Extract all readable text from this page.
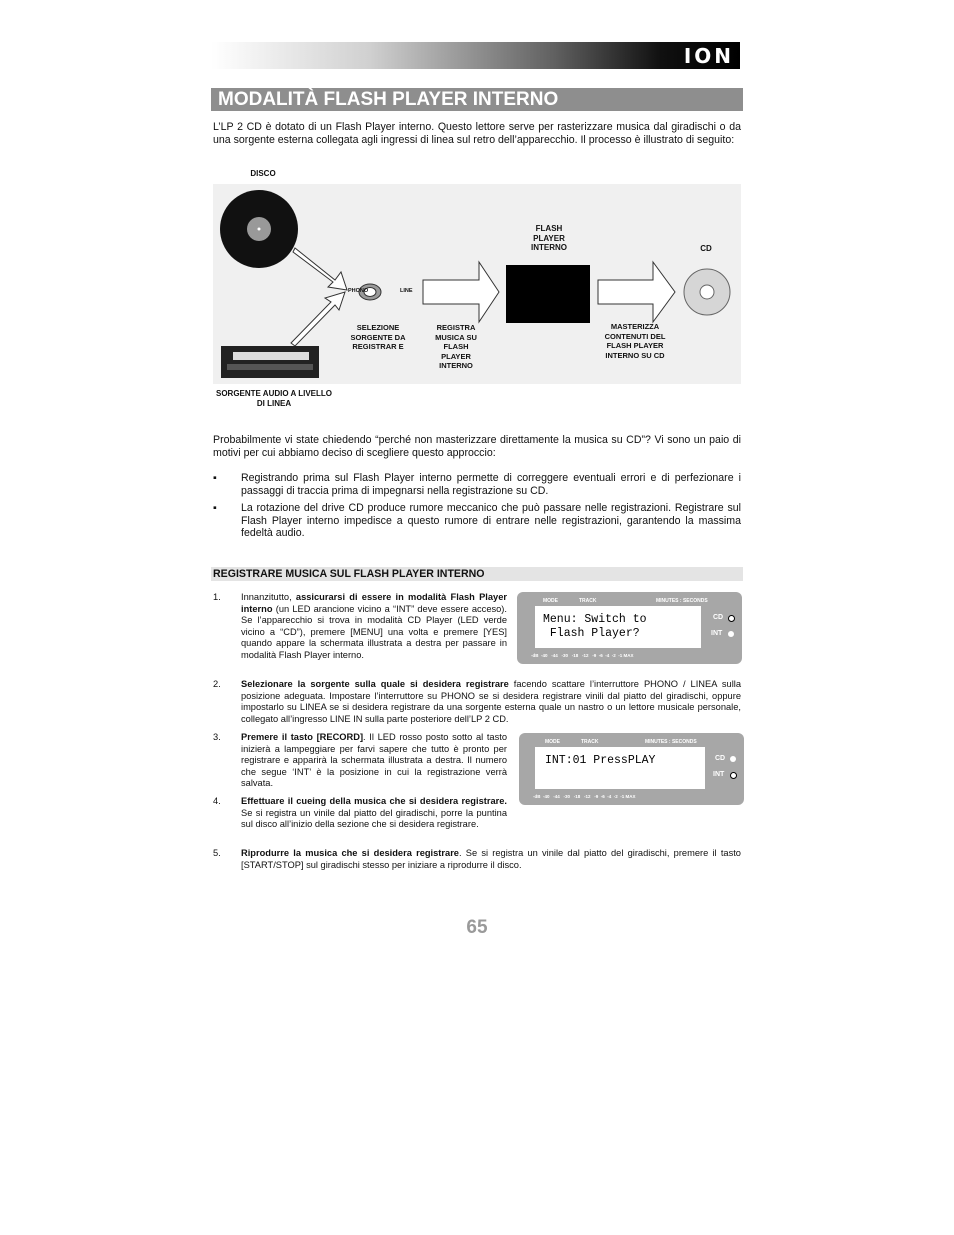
ION
MODALITÀ FLASH PLAYER INTERNO
L’LP 2 CD è dotato di un Flash Player interno. Questo lettore serve per rasterizzare musica dal giradischi o da una sorgente esterna collegata agli ingressi di linea sul retro dell’apparecchio. Il processo è illustrato di seguito:
DISCO
PHONO	LINE
FLASH PLAYER INTERNO	CD
SELEZIONE SORGENTE DA REGISTRAR E
REGISTRA MUSICA SU FLASH PLAYER INTERNO
MASTERIZZA CONTENUTI DEL FLASH PLAYER INTERNO SU CD
SORGENTE AUDIO A LIVELLO DI LINEA
Probabilmente vi state chiedendo “perché non masterizzare direttamente la musica su CD”? Vi sono un paio di motivi per cui abbiamo deciso di scegliere questo approccio:
▪ Registrando prima sul Flash Player interno permette di correggere eventuali errori e di perfezionare i passaggi di traccia prima di impegnarsi nella registrazione su CD.
▪ La rotazione del drive CD produce rumore meccanico che può passare nelle registrazioni. Registrare sul Flash Player interno impedisce a questo rumore di entrare nelle registrazioni, garantendo la massima fedeltà audio.
REGISTRARE MUSICA SUL FLASH PLAYER INTERNO
1. Innanzitutto, assicurarsi di essere in modalità Flash Player interno (un LED arancione vicino a “INT” deve essere acceso). Se l’apparecchio si trova in modalità CD Player (LED verde vicino a “CD”), premere [MENU] una volta e premere [YES] quando appare la schermata illustrata a destra per passare in modalità Flash Player interno.
2. Selezionare la sorgente sulla quale si desidera registrare facendo scattare l’interruttore PHONO / LINEA sulla posizione adeguata. Impostare l’interruttore su PHONO se si desidera registrare vinili dal piatto del giradischi, oppure impostarlo su LINEA se si desidera registrare da una sorgente esterna quale un nastro o un lettore musicale personale, collegato all’ingresso LINE IN sulla parte posteriore dell’LP 2 CD.
3. Premere il tasto [RECORD]. Il LED rosso posto sotto al tasto inizierà a lampeggiare per farvi sapere che tutto è pronto per registrare e apparirà la schermata illustrata a destra. Il numero che segue ‘INT’ è la posizione in cui la registrazione verrà salvata.
4. Effettuare il cueing della musica che si desidera registrare. Se si registra un vinile dal piatto del giradischi, porre la puntina sul disco all’inizio della sezione che si desidera registrare.
5. Riprodurre la musica che si desidera registrare. Se si registra un vinile dal piatto del giradischi, premere il tasto [START/STOP] sul giradischi stesso per iniziare a riprodurre il disco.
MODE	TRACK	MINUTES : SECONDS
Menu: Switch to
Flash Player?
CD
INT
-dB  -40   -44   -30   -18   -12   -9  -6  -4  -2  -1 MAX
MODE	TRACK	MINUTES : SECONDS
INT:01 PressPLAY	CD
INT
-dB  -40   -44   -30   -18   -12   -9  -6  -4  -2  -1 MAX
65
